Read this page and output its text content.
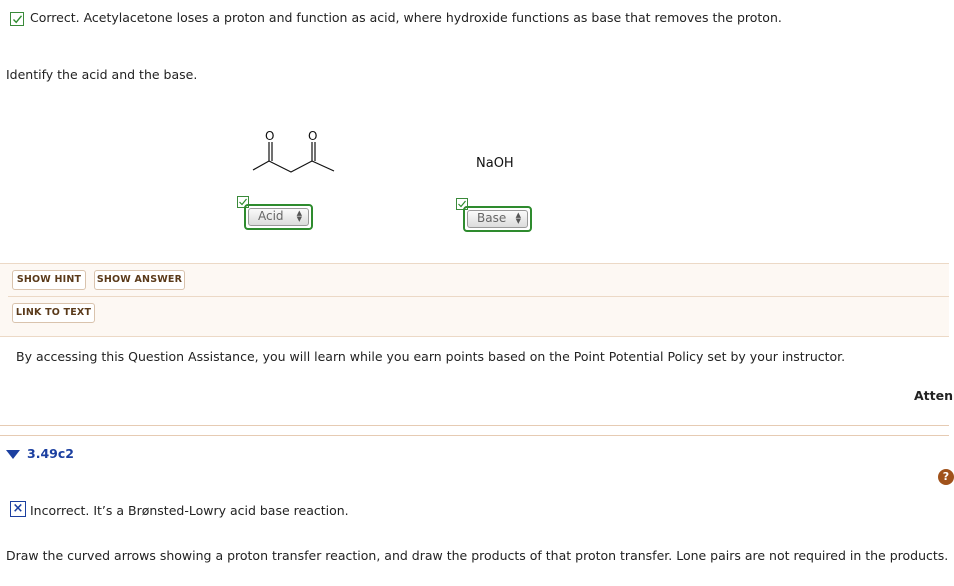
Correct. Acetylacetone loses a proton and function as acid, where hydroxide functions as base that removes the proton.
Identify the acid and the base.
O	O
NaOH
Acid ▲
▼	Base ▲
▼
SHOW HINT	SHOW ANSWER
LINK TO TEXT
By accessing this Question Assistance, you will learn while you earn points based on the Point Potential Policy set by your instructor.
Atten
3.49c2
?
× Incorrect. It’s a Brønsted-Lowry acid base reaction.
Draw the curved arrows showing a proton transfer reaction, and draw the products of that proton transfer. Lone pairs are not required in the products.
